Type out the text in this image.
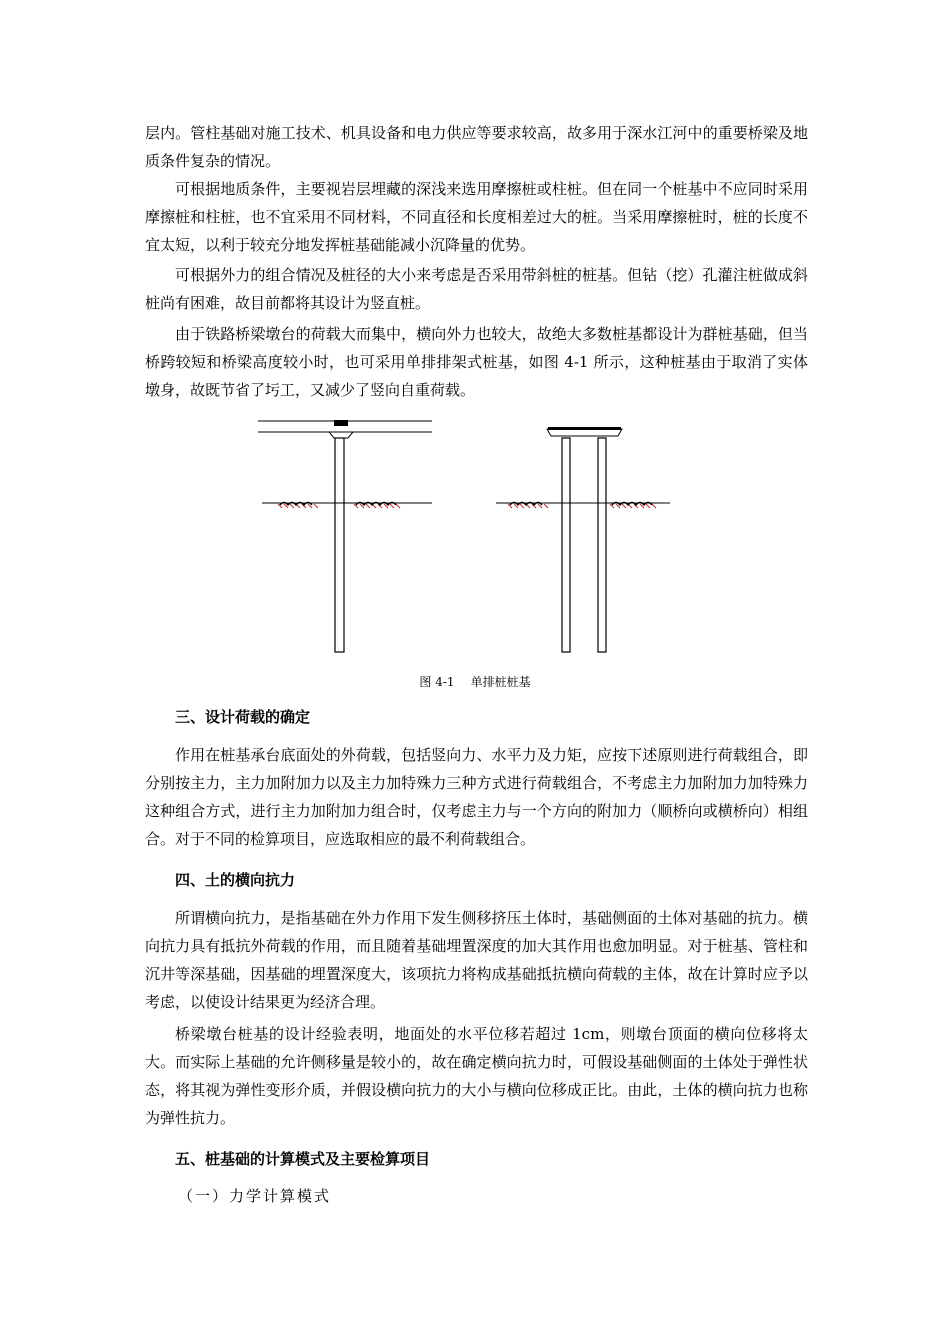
层内。管柱基础对施工技术、机具设备和电力供应等要求较高，故多用于深水江河中的重要桥梁及地质条件复杂的情况。

可根据地质条件，主要视岩层埋藏的深浅来选用摩擦桩或柱桩。但在同一个桩基中不应同时采用摩擦桩和柱桩，也不宜采用不同材料，不同直径和长度相差过大的桩。当采用摩擦桩时，桩的长度不宜太短，以利于较充分地发挥桩基础能减小沉降量的优势。

可根据外力的组合情况及桩径的大小来考虑是否采用带斜桩的桩基。但钻（挖）孔灌注桩做成斜桩尚有困难，故目前都将其设计为竖直桩。

由于铁路桥梁墩台的荷载大而集中，横向外力也较大，故绝大多数桩基都设计为群桩基础，但当桥跨较短和桥梁高度较小时，也可采用单排排架式桩基，如图 4-1 所示，这种桩基由于取消了实体墩身，故既节省了圬工，又减少了竖向自重荷载。

图 4-1 单排桩桩基
三、设计荷载的确定

作用在桩基承台底面处的外荷载，包括竖向力、水平力及力矩，应按下述原则进行荷载组合，即分别按主力，主力加附加力以及主力加特殊力三种方式进行荷载组合，不考虑主力加附加力加特殊力这种组合方式，进行主力加附加力组合时，仅考虑主力与一个方向的附加力（顺桥向或横桥向）相组合。对于不同的检算项目，应选取相应的最不利荷载组合。

四、土的横向抗力

所谓横向抗力，是指基础在外力作用下发生侧移挤压土体时，基础侧面的土体对基础的抗力。横向抗力具有抵抗外荷载的作用，而且随着基础埋置深度的加大其作用也愈加明显。对于桩基、管柱和沉井等深基础，因基础的埋置深度大，该项抗力将构成基础抵抗横向荷载的主体，故在计算时应予以考虑，以使设计结果更为经济合理。

桥梁墩台桩基的设计经验表明，地面处的水平位移若超过 1cm，则墩台顶面的横向位移将太大。而实际上基础的允许侧移量是较小的，故在确定横向抗力时，可假设基础侧面的土体处于弹性状态，将其视为弹性变形介质，并假设横向抗力的大小与横向位移成正比。由此，土体的横向抗力也称为弹性抗力。

五、桩基础的计算模式及主要检算项目
（一）力学计算模式
